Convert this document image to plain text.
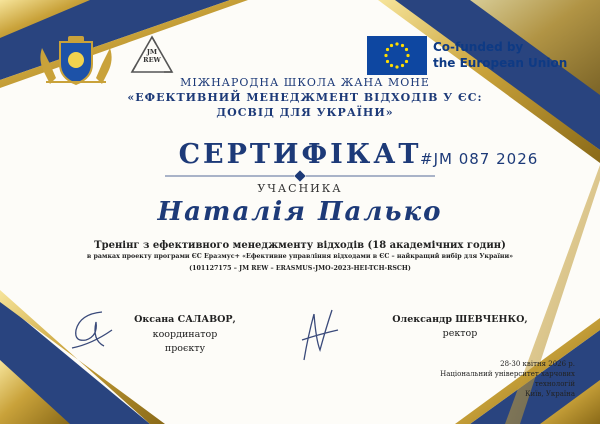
JM
REW
Co-funded by
the European Union
МІЖНАРОДНА ШКОЛА ЖАНА МОНЕ
«ЕФЕКТИВНИЙ МЕНЕДЖМЕНТ ВІДХОДІВ У ЄС:
ДОСВІД ДЛЯ УКРАЇНИ»
СЕРТИФІКАТ
#JM 087 2026
УЧАСНИКА
Наталія Палько
Тренінг з ефективного менеджменту відходів (18 академічних годин)
в рамках проекту програми ЄС Еразмус+ «Ефективне управління відходами в ЄС – найкращий вибір для України»
(101127175 – JM REW – ERASMUS-JMO-2023-HEI-TCH-RSCH)
Оксана САЛАВОР,
координатор
проєкту
Олександр ШЕВЧЕНКО,
ректор
28-30 квітня 2026 р.
Національний університет харчових
технологій
Київ, Україна
